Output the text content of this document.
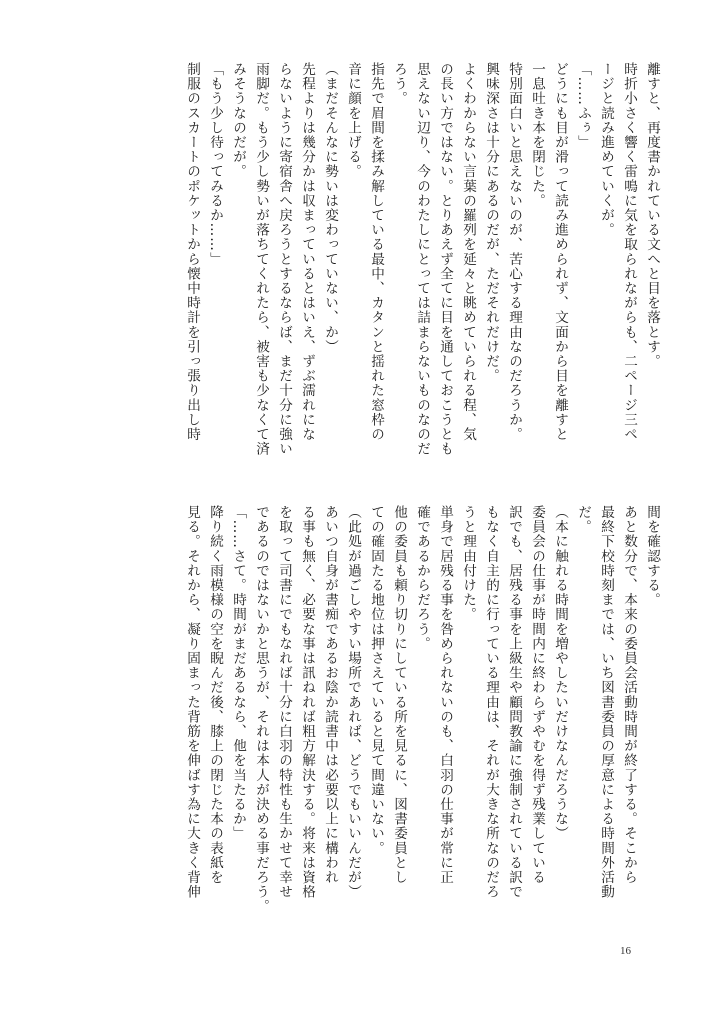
離すと、再度書かれている文へと目を落とす。

時折小さく響く雷鳴に気を取られながらも、二ページ三ペ

ージと読み進めていくが。

「……ふぅ」

どうにも目が滑って読み進められず、文面から目を離すと

一息吐き本を閉じた。

特別面白いと思えないのが、苦心する理由なのだろうか。

興味深さは十分にあるのだが、ただそれだけだ。

よくわからない言葉の羅列を延々と眺めていられる程、気

の長い方ではない。とりあえず全てに目を通しておこうとも

思えない辺り、今のわたしにとっては詰まらないものなのだ

ろう。

指先で眉間を揉み解している最中、カタンと揺れた窓枠の

音に顔を上げる。

（まだそんなに勢いは変わっていない、か）

先程よりは幾分かは収まっているとはいえ、ずぶ濡れにな

らないように寄宿舎へ戻ろうとするならば、まだ十分に強い

雨脚だ。もう少し勢いが落ちてくれたら、被害も少なくて済

みそうなのだが。

「もう少し待ってみるか……」

制服のスカートのポケットから懐中時計を引っ張り出し時

間を確認する。

あと数分で、本来の委員会活動時間が終了する。そこから

最終下校時刻までは、いち図書委員の厚意による時間外活動

だ。

（本に触れる時間を増やしたいだけなんだろうな）

委員会の仕事が時間内に終わらずやむを得ず残業している

訳でも、居残る事を上級生や顧問教諭に強制されている訳で

もなく自主的に行っている理由は、それが大きな所なのだろ

うと理由付けた。

単身で居残る事を咎められないのも、白羽の仕事が常に正

確であるからだろう。

他の委員も頼り切りにしている所を見るに、図書委員とし

ての確固たる地位は押さえていると見て間違いない。

（此処が過ごしやすい場所であれば、どうでもいいんだが）

あいつ自身が書痴であるお陰か読書中は必要以上に構われ

る事も無く、必要な事は訊ねれば粗方解決する。将来は資格

を取って司書にでもなれば十分に白羽の特性も生かせて幸せ

であるのではないかと思うが、それは本人が決める事だろう。

「……さて。時間がまだあるなら、他を当たるか」

降り続く雨模様の空を睨んだ後、膝上の閉じた本の表紙を

見る。それから、凝り固まった背筋を伸ばす為に大きく背伸

16
